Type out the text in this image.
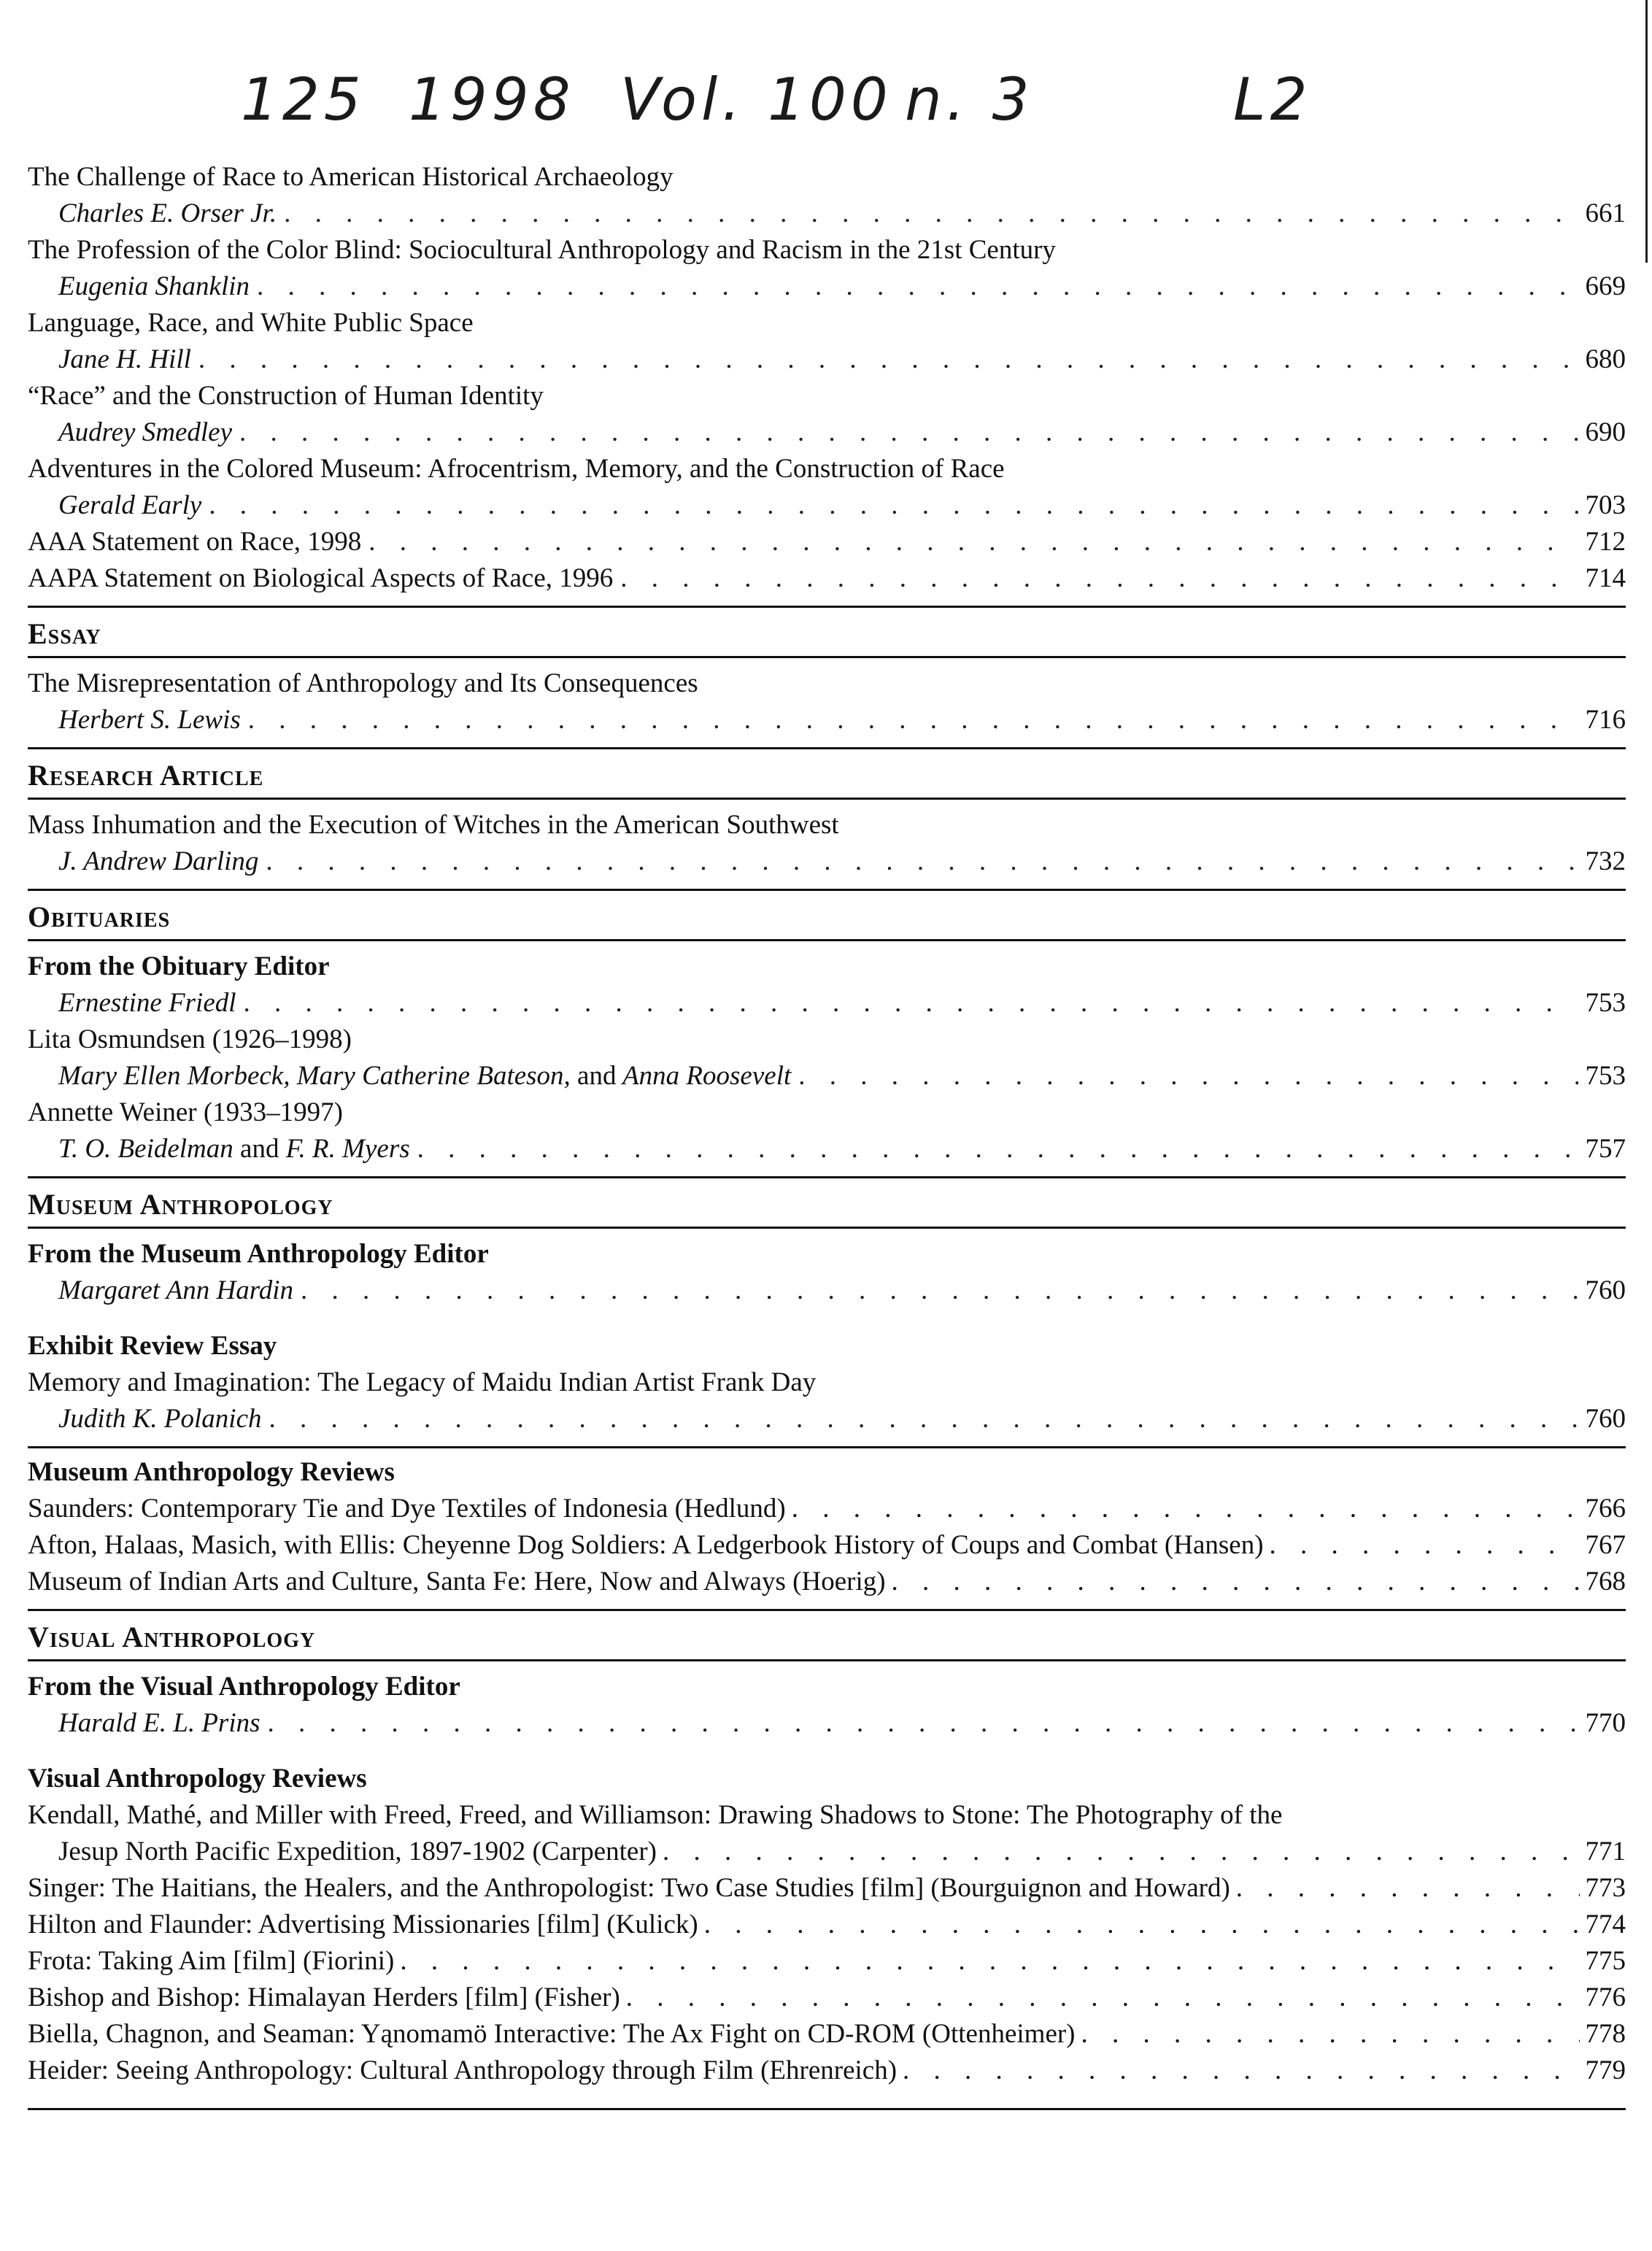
125 1998 Vol. 100 n. 3	L2
The Challenge of Race to American Historical Archaeology
Charles E. Orser Jr. . . .	661
The Profession of the Color Blind: Sociocultural Anthropology and Racism in the 21st Century
Eugenia Shanklin . . .	669
Language, Race, and White Public Space
Jane H. Hill . . .	680
“Race” and the Construction of Human Identity
Audrey Smedley . . .	690
Adventures in the Colored Museum: Afrocentrism, Memory, and the Construction of Race
Gerald Early . . .	703
AAA Statement on Race, 1998 . . .	712
AAPA Statement on Biological Aspects of Race, 1996 . . .	714
Essay
The Misrepresentation of Anthropology and Its Consequences
Herbert S. Lewis . . .	716
Research Article
Mass Inhumation and the Execution of Witches in the American Southwest
J. Andrew Darling . . .	732
Obituaries
From the Obituary Editor
Ernestine Friedl . . .	753
Lita Osmundsen (1926–1998)
Mary Ellen Morbeck, Mary Catherine Bateson, and Anna Roosevelt . . .	753
Annette Weiner (1933–1997)
T. O. Beidelman and F. R. Myers . . .	757
Museum Anthropology
From the Museum Anthropology Editor
Margaret Ann Hardin . . .	760
Exhibit Review Essay
Memory and Imagination: The Legacy of Maidu Indian Artist Frank Day
Judith K. Polanich . . .	760
Museum Anthropology Reviews
Saunders: Contemporary Tie and Dye Textiles of Indonesia (Hedlund) . . .	766
Afton, Halaas, Masich, with Ellis: Cheyenne Dog Soldiers: A Ledgerbook History of Coups and Combat (Hansen) . . .	767
Museum of Indian Arts and Culture, Santa Fe: Here, Now and Always (Hoerig) . . .	768
Visual Anthropology
From the Visual Anthropology Editor
Harald E. L. Prins . . .	770
Visual Anthropology Reviews
Kendall, Mathé, and Miller with Freed, Freed, and Williamson: Drawing Shadows to Stone: The Photography of the
Jesup North Pacific Expedition, 1897-1902 (Carpenter) . . .	771
Singer: The Haitians, the Healers, and the Anthropologist: Two Case Studies [film] (Bourguignon and Howard) . . .	773
Hilton and Flaunder: Advertising Missionaries [film] (Kulick) . . .	774
Frota: Taking Aim [film] (Fiorini) . . .	775
Bishop and Bishop: Himalayan Herders [film] (Fisher) . . .	776
Biella, Chagnon, and Seaman: Yąnomamö Interactive: The Ax Fight on CD-ROM (Ottenheimer) . . .	778
Heider: Seeing Anthropology: Cultural Anthropology through Film (Ehrenreich) . . .	779
